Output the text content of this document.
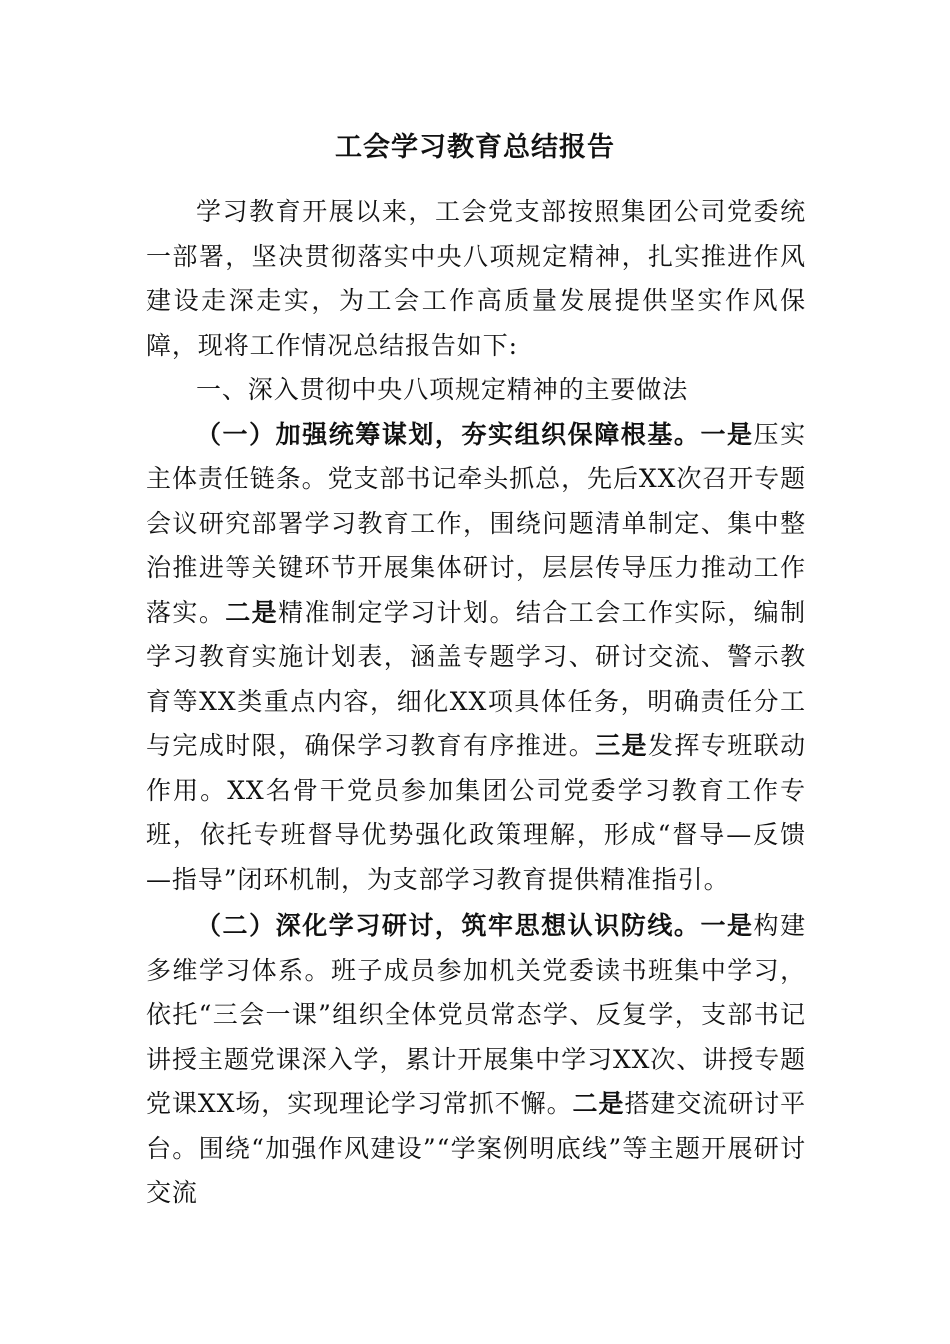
工会学习教育总结报告

学习教育开展以来，工会党支部按照集团公司党委统一部署，坚决贯彻落实中央八项规定精神，扎实推进作风建设走深走实，为工会工作高质量发展提供坚实作风保障，现将工作情况总结报告如下:

一、深入贯彻中央八项规定精神的主要做法

（一）加强统筹谋划，夯实组织保障根基。一是压实主体责任链条。党支部书记牵头抓总，先后XX次召开专题会议研究部署学习教育工作，围绕问题清单制定、集中整治推进等关键环节开展集体研讨，层层传导压力推动工作落实。二是精准制定学习计划。结合工会工作实际，编制学习教育实施计划表，涵盖专题学习、研讨交流、警示教育等XX类重点内容，细化XX项具体任务，明确责任分工与完成时限，确保学习教育有序推进。三是发挥专班联动作用。XX名骨干党员参加集团公司党委学习教育工作专班，依托专班督导优势强化政策理解，形成“督导—反馈—指导”闭环机制，为支部学习教育提供精准指引。

（二）深化学习研讨，筑牢思想认识防线。一是构建多维学习体系。班子成员参加机关党委读书班集中学习，依托“三会一课”组织全体党员常态学、反复学，支部书记讲授主题党课深入学，累计开展集中学习XX次、讲授专题党课XX场，实现理论学习常抓不懈。二是搭建交流研讨平台。围绕“加强作风建设”“学案例明底线”等主题开展研讨交流
